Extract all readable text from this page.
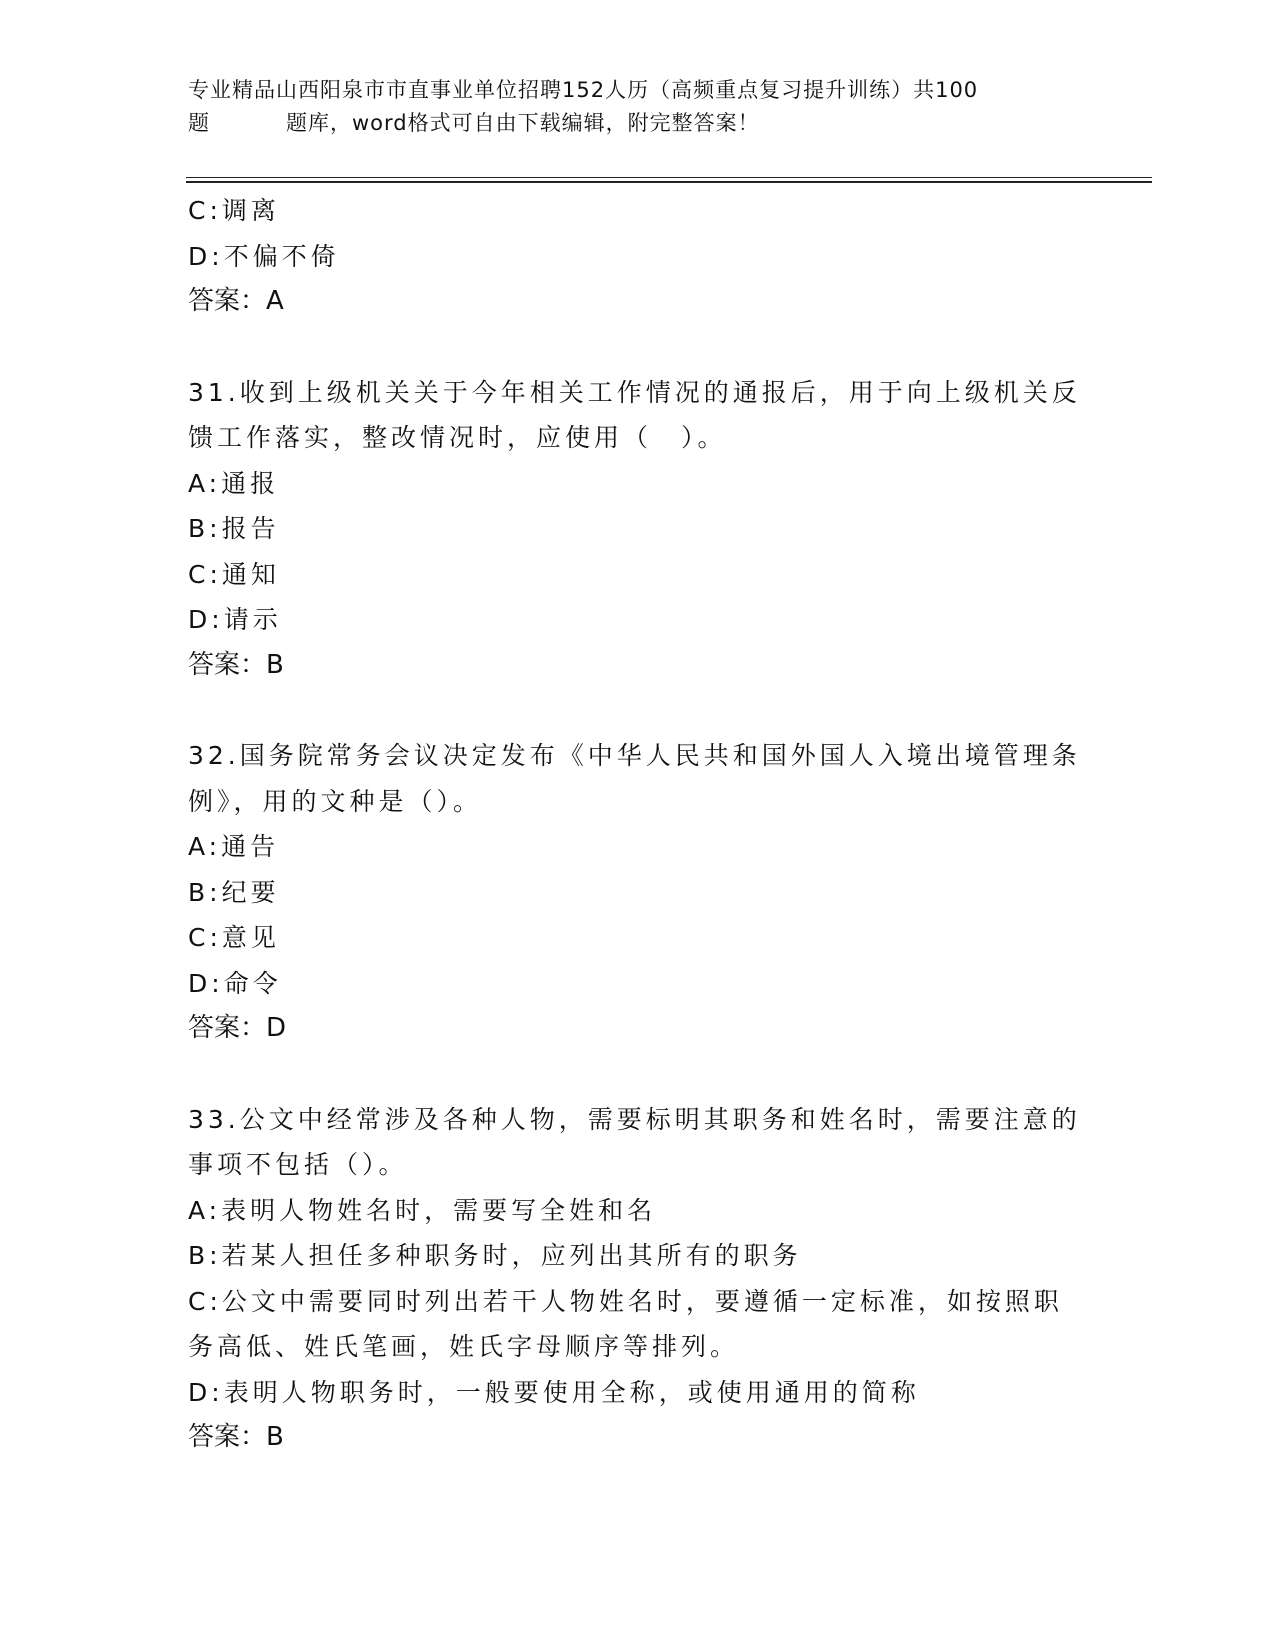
专业精品山西阳泉市市直事业单位招聘152人历（高频重点复习提升训练）共100
题	题库，word格式可自由下载编辑，附完整答案！
C:调离
D:不偏不倚
答案：A
31.收到上级机关关于今年相关工作情况的通报后，用于向上级机关反
馈工作落实，整改情况时，应使用（　）。
A:通报
B:报告
C:通知
D:请示
答案：B
32.国务院常务会议决定发布《中华人民共和国外国人入境出境管理条
例》，用的文种是（）。
A:通告
B:纪要
C:意见
D:命令
答案：D
33.公文中经常涉及各种人物，需要标明其职务和姓名时，需要注意的
事项不包括（）。
A:表明人物姓名时，需要写全姓和名
B:若某人担任多种职务时，应列出其所有的职务
C:公文中需要同时列出若干人物姓名时，要遵循一定标准，如按照职
务高低、姓氏笔画，姓氏字母顺序等排列。
D:表明人物职务时，一般要使用全称，或使用通用的简称
答案：B
